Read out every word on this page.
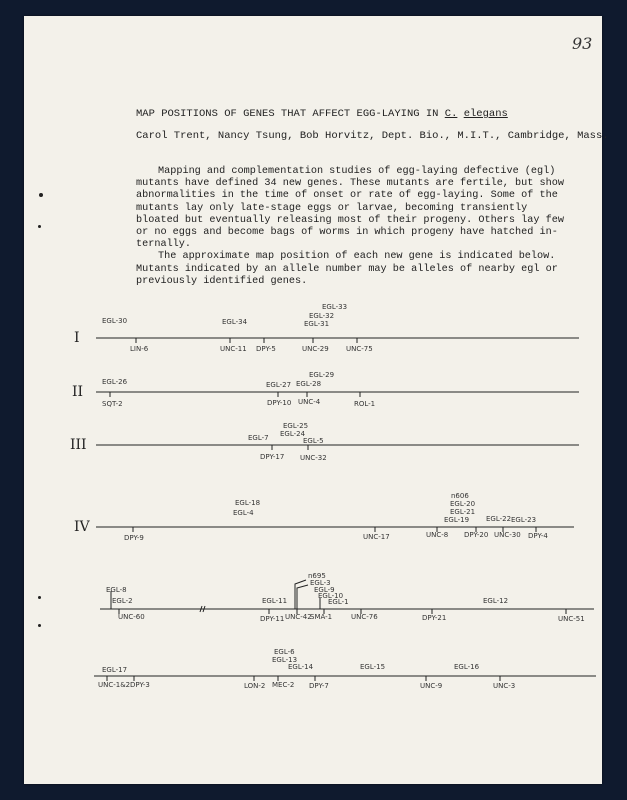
93
MAP POSITIONS OF GENES THAT AFFECT EGG-LAYING IN C. elegans
Carol Trent, Nancy Tsung, Bob Horvitz, Dept. Bio., M.I.T., Cambridge, Mass.

Mapping and complementation studies of egg-laying defective (egl) mutants have defined 34 new genes. These mutants are fertile, but show abnormalities in the time of onset or rate of egg-laying. Some of the mutants lay only late-stage eggs or larvae, becoming transiently bloated but eventually releasing most of their progeny. Others lay few or no eggs and become bags of worms in which progeny have hatched in-ternally.

The approximate map position of each new gene is indicated below. Mutants indicated by an allele number may be alleles of nearby egl or previously identified genes.

I
EGL-30	EGL-34	EGL-31
EGL-32
EGL-33
LIN-6	UNC-11 DPY-5	UNC-29 UNC-75
II
EGL-26	EGL-27 EGL-28
EGL-29
SQT-2	DPY-10 UNC-4	ROL-1
III	EGL-7 EGL-24
EGL-25
EGL-5
DPY-17 UNC-32
IV
EGL-18
EGL-4
n606
EGL-20
EGL-21
EGL-19 EGL-22 EGL-23
DPY-9	UNC-17	UNC-8 DPY-20 UNC-30 DPY-4
EGL-8
EGL-2	EGL-11
n695
EGL-3
EGL-9
EGL-10
EGL-1	EGL-12
UNC-60	DPY-11 UNC-42
SMA-1	UNC-76	DPY-21	UNC-51
EGL-17
EGL-6
EGL-13
EGL-14	EGL-15	EGL-16
UNC-1&2 DPY-3	LON-2 MEC-2 DPY-7	UNC-9	UNC-3
